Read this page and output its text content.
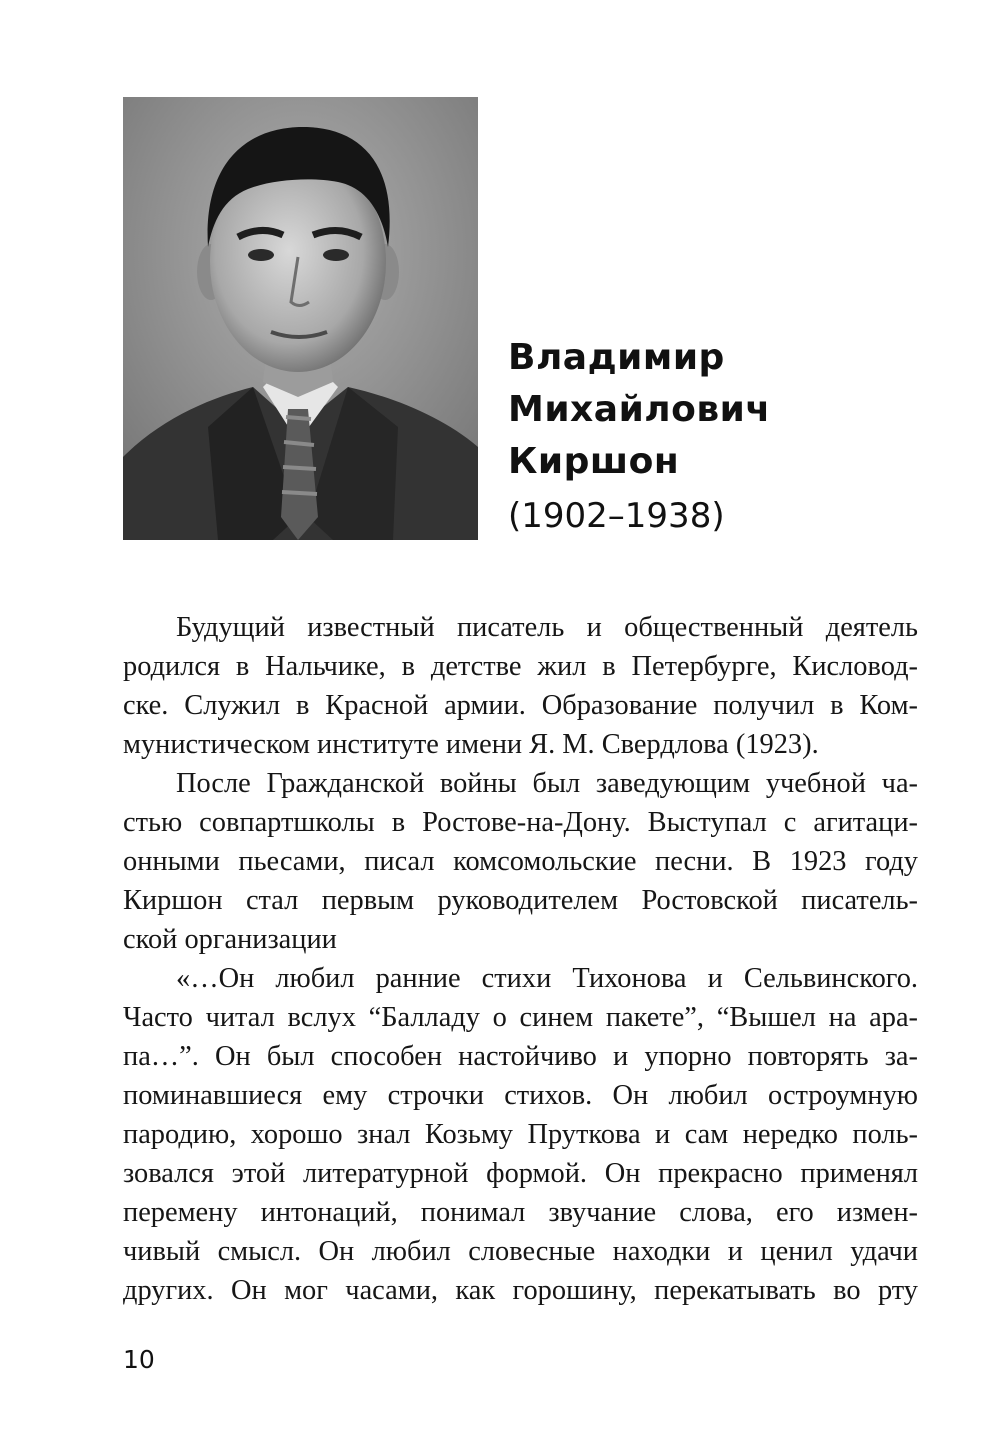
Владимир
Михайлович
Киршон
(1902–1938)

Будущий известный писатель и общественный деятель
родился в Нальчике, в детстве жил в Петербурге, Кисловод-
ске. Служил в Красной армии. Образование получил в Ком-
мунистическом институте имени Я. М. Свердлова (1923).

После Гражданской войны был заведующим учебной ча-
стью совпартшколы в Ростове-на-Дону. Выступал с агитаци-
онными пьесами, писал комсомольские песни. В 1923 году
Киршон стал первым руководителем Ростовской писатель-
ской организации

«…Он любил ранние стихи Тихонова и Сельвинского.
Часто читал вслух “Балладу о синем пакете”, “Вышел на ара-
па…”. Он был способен настойчиво и упорно повторять за-
поминавшиеся ему строчки стихов. Он любил остроумную
пародию, хорошо знал Козьму Пруткова и сам нередко поль-
зовался этой литературной формой. Он прекрасно применял
перемену интонаций, понимал звучание слова, его измен-
чивый смысл. Он любил словесные находки и ценил удачи
других. Он мог часами, как горошину, перекатывать во рту

10
